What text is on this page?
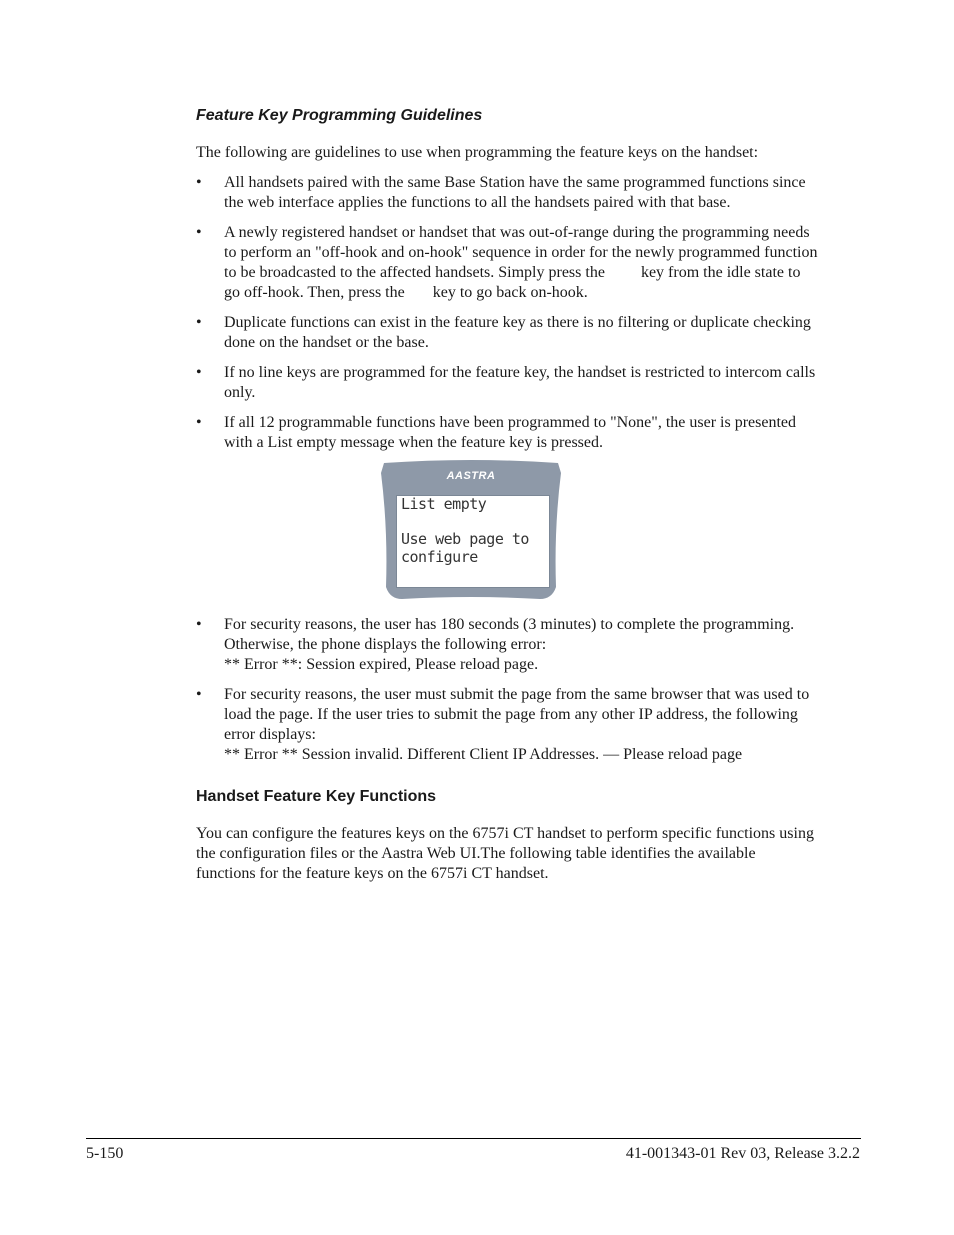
Feature Key Programming Guidelines

The following are guidelines to use when programming the feature keys on the handset:

•	All handsets paired with the same Base Station have the same programmed functions since
the web interface applies the functions to all the handsets paired with that base.
•	A newly registered handset or handset that was out-of-range during the programming needs
to perform an "off-hook and on-hook" sequence in order for the newly programmed function
to be broadcasted to the affected handsets. Simply press the key from the idle state to
go off-hook. Then, press the key to go back on-hook.
•	Duplicate functions can exist in the feature key as there is no filtering or duplicate checking
done on the handset or the base.
•	If no line keys are programmed for the feature key, the handset is restricted to intercom calls
only.
•	If all 12 programmable functions have been programmed to "None", the user is presented
with a List empty message when the feature key is pressed.
AASTRA
List empty
Use web page to
configure
•	For security reasons, the user has 180 seconds (3 minutes) to complete the programming.
Otherwise, the phone displays the following error:
** Error **: Session expired, Please reload page.
•	For security reasons, the user must submit the page from the same browser that was used to
load the page. If the user tries to submit the page from any other IP address, the following
error displays:
** Error ** Session invalid. Different Client IP Addresses. — Please reload page
Handset Feature Key Functions
You can configure the features keys on the 6757i CT handset to perform specific functions using
the configuration files or the Aastra Web UI.The following table identifies the available
functions for the feature keys on the 6757i CT handset.
5-150	41-001343-01 Rev 03, Release 3.2.2
